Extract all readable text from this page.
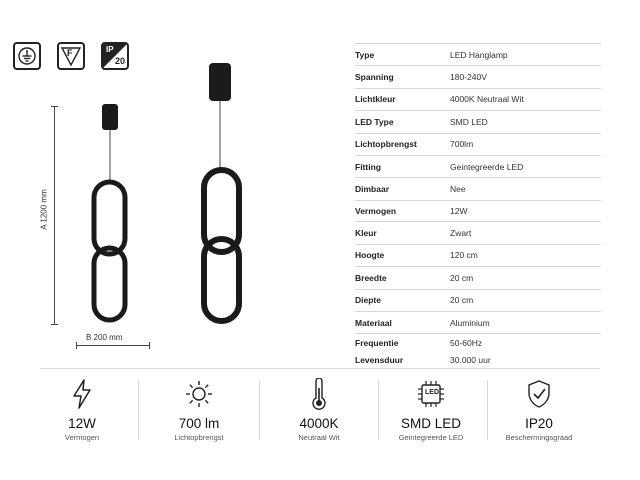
F	IP
20
A 1200 mm
B 200 mm
Type	LED Hanglamp
Spanning	180-240V
Lichtkleur	4000K Neutraal Wit
LED Type	SMD LED
Lichtopbrengst	700lm
Fitting	Geintegreerde LED
Dimbaar	Nee
Vermogen	12W
Kleur	Zwart
Hoogte	120 cm
Breedte	20 cm
Diepte	20 cm
Materiaal	Aluminium
Frequentie	50-60Hz
Levensduur	30.000 uur
12W
Vermogen
700 lm
Lichtopbrengst
4000K
Neutraal Wit
LED
SMD LED
Geintegreerde LED
IP20
Beschermingsgraad
